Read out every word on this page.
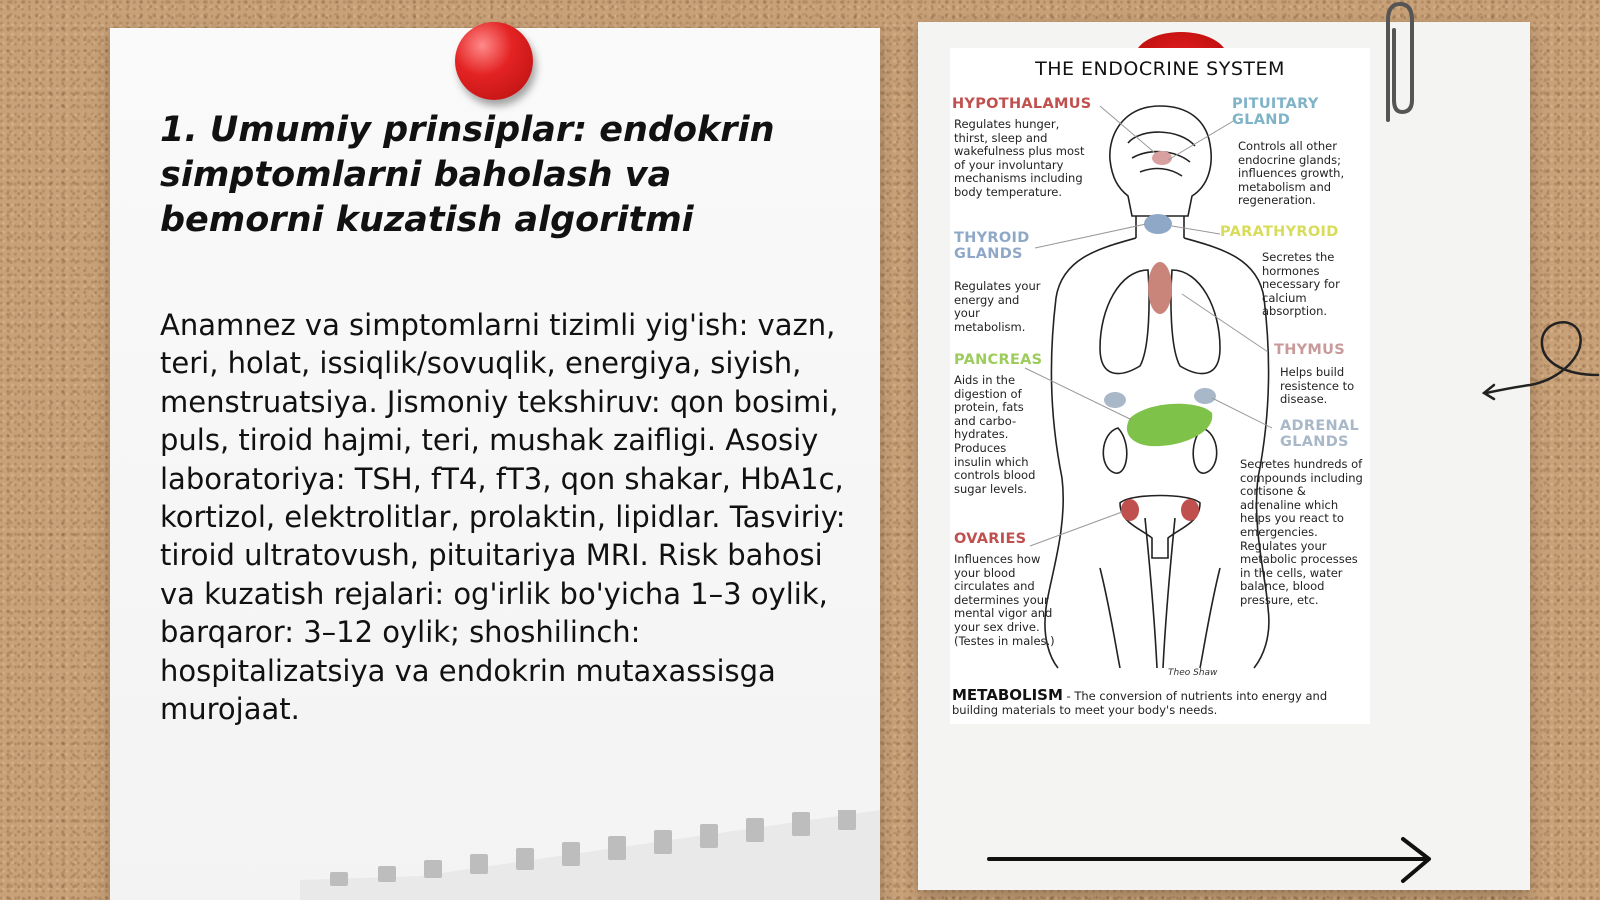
1. Umumiy prinsiplar: endokrin simptomlarni baholash va bemorni kuzatish algoritmi
Anamnez va simptomlarni tizimli yig'ish: vazn, teri, holat, issiqlik/sovuqlik, energiya, siyish, menstruatsiya. Jismoniy tekshiruv: qon bosimi, puls, tiroid hajmi, teri, mushak zaifligi. Asosiy laboratoriya: TSH, fT4, fT3, qon shakar, HbA1c, kortizol, elektrolitlar, prolaktin, lipidlar. Tasviriy: tiroid ultratovush, pituitariya MRI. Risk bahosi va kuzatish rejalari: og'irlik bo'yicha 1–3 oylik, barqaror: 3–12 oylik; shoshilinch: hospitalizatsiya va endokrin mutaxassisga murojaat.
THE ENDOCRINE SYSTEM
HYPOTHALAMUS
Regulates hunger, thirst, sleep and wakefulness plus most of your involuntary mechanisms including body temperature.
PITUITARY GLAND
Controls all other endocrine glands; influences growth, metabolism and regeneration.
THYROID GLANDS
Regulates your energy and your metabolism.
PARATHYROID
Secretes the hormones necessary for calcium absorption.
THYMUS
Helps build resistence to disease.
PANCREAS
Aids in the digestion of protein, fats and carbo-hydrates. Produces insulin which controls blood sugar levels.
ADRENAL GLANDS
Secretes hundreds of compounds including cortisone & adrenaline which helps you react to emergencies. Regulates your metabolic processes in the cells, water balance, blood pressure, etc.
OVARIES
Influences how your blood circulates and determines your mental vigor and your sex drive. (Testes in males.)
Theo Shaw
METABOLISM - The conversion of nutrients into energy and building materials to meet your body's needs.
